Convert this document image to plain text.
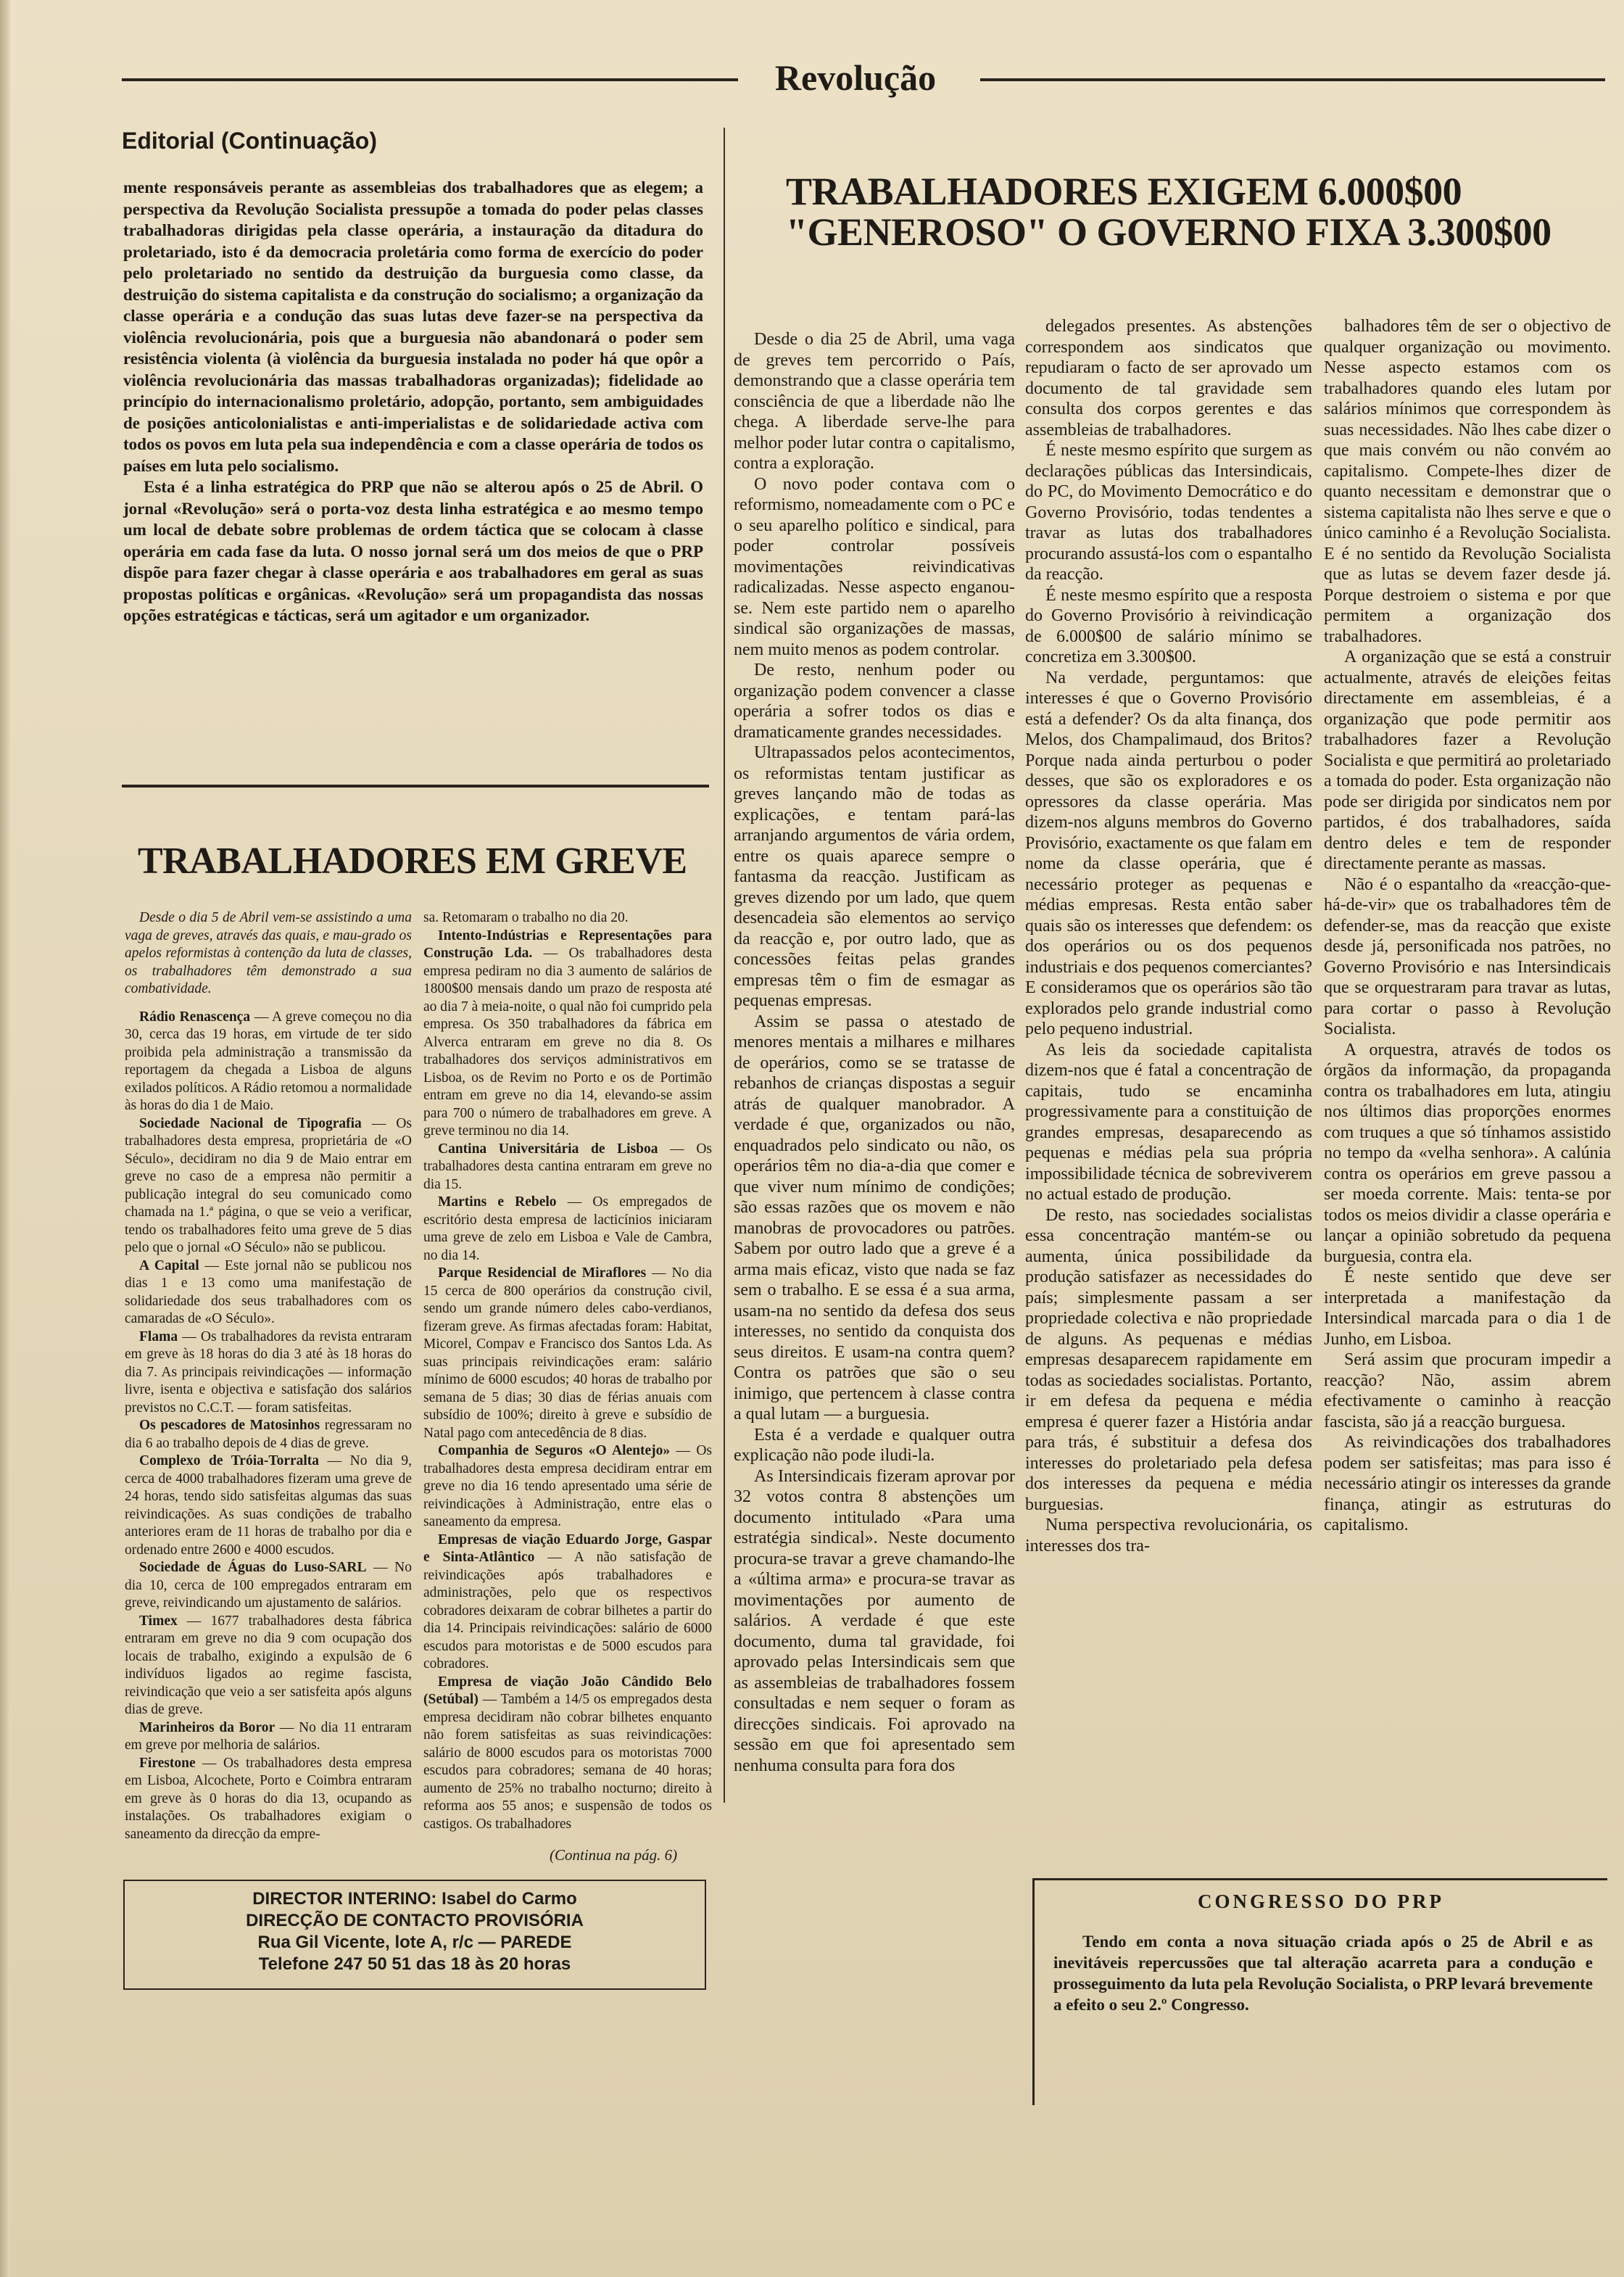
Revolução
Editorial (Continuação)

mente responsáveis perante as assembleias dos trabalhadores que as elegem; a perspectiva da Revolução Socialista pressupõe a tomada do poder pelas classes trabalhadoras dirigidas pela classe operária, a instauração da ditadura do proletariado, isto é da democracia proletária como forma de exercício do poder pelo proletariado no sentido da destruição da burguesia como classe, da destruição do sistema capitalista e da construção do socialismo; a organização da classe operária e a condução das suas lutas deve fazer-se na perspectiva da violência revolucionária, pois que a burguesia não abandonará o poder sem resistência violenta (à violência da burguesia instalada no poder há que opôr a violência revolucionária das massas trabalhadoras organizadas); fidelidade ao princípio do internacionalismo proletário, adopção, portanto, sem ambiguidades de posições anticolonialistas e anti-imperialistas e de solidariedade activa com todos os povos em luta pela sua independência e com a classe operária de todos os países em luta pelo socialismo.

Esta é a linha estratégica do PRP que não se alterou após o 25 de Abril. O jornal «Revolução» será o porta-voz desta linha estratégica e ao mesmo tempo um local de debate sobre problemas de ordem táctica que se colocam à classe operária em cada fase da luta. O nosso jornal será um dos meios de que o PRP dispõe para fazer chegar à classe operária e aos trabalhadores em geral as suas propostas políticas e orgânicas. «Revolução» será um propagandista das nossas opções estratégicas e tácticas, será um agitador e um organizador.

TRABALHADORES EXIGEM 6.000$00
"GENEROSO" O GOVERNO FIXA 3.300$00

Desde o dia 25 de Abril, uma vaga de greves tem percorrido o País, demonstrando que a classe operária tem consciência de que a liberdade não lhe chega. A liberdade serve-lhe para melhor poder lutar contra o capitalismo, contra a exploração.

O novo poder contava com o reformismo, nomeadamente com o PC e o seu aparelho político e sindical, para poder controlar possíveis movimentações reivindicativas radicalizadas. Nesse aspecto enganou-se. Nem este partido nem o aparelho sindical são organizações de massas, nem muito menos as podem controlar.

De resto, nenhum poder ou organização podem convencer a classe operária a sofrer todos os dias e dramaticamente grandes necessidades.

Ultrapassados pelos acontecimentos, os reformistas tentam justificar as greves lançando mão de todas as explicações, e tentam pará-las arranjando argumentos de vária ordem, entre os quais aparece sempre o fantasma da reacção. Justificam as greves dizendo por um lado, que quem desencadeia são elementos ao serviço da reacção e, por outro lado, que as concessões feitas pelas grandes empresas têm o fim de esmagar as pequenas empresas.

Assim se passa o atestado de menores mentais a milhares e milhares de operários, como se se tratasse de rebanhos de crianças dispostas a seguir atrás de qualquer manobrador. A verdade é que, organizados ou não, enquadrados pelo sindicato ou não, os operários têm no dia-a-dia que comer e que viver num mínimo de condições; são essas razões que os movem e não manobras de provocadores ou patrões. Sabem por outro lado que a greve é a arma mais eficaz, visto que nada se faz sem o trabalho. E se essa é a sua arma, usam-na no sentido da defesa dos seus interesses, no sentido da conquista dos seus direitos. E usam-na contra quem? Contra os patrões que são o seu inimigo, que pertencem à classe contra a qual lutam — a burguesia.

Esta é a verdade e qualquer outra explicação não pode iludi-la.

As Intersindicais fizeram aprovar por 32 votos contra 8 abstenções um documento intitulado «Para uma estratégia sindical». Neste documento procura-se travar a greve chamando-lhe a «última arma» e procura-se travar as movimentações por aumento de salários. A verdade é que este documento, duma tal gravidade, foi aprovado pelas Intersindicais sem que as assembleias de trabalhadores fossem consultadas e nem sequer o foram as direcções sindicais. Foi aprovado na sessão em que foi apresentado sem nenhuma consulta para fora dos

delegados presentes. As abstenções correspondem aos sindicatos que repudiaram o facto de ser aprovado um documento de tal gravidade sem consulta dos corpos gerentes e das assembleias de trabalhadores.

É neste mesmo espírito que surgem as declarações públicas das Intersindicais, do PC, do Movimento Democrático e do Governo Provisório, todas tendentes a travar as lutas dos trabalhadores procurando assustá-los com o espantalho da reacção.

É neste mesmo espírito que a resposta do Governo Provisório à reivindicação de 6.000$00 de salário mínimo se concretiza em 3.300$00.

Na verdade, perguntamos: que interesses é que o Governo Provisório está a defender? Os da alta finança, dos Melos, dos Champalimaud, dos Britos? Porque nada ainda perturbou o poder desses, que são os exploradores e os opressores da classe operária. Mas dizem-nos alguns membros do Governo Provisório, exactamente os que falam em nome da classe operária, que é necessário proteger as pequenas e médias empresas. Resta então saber quais são os interesses que defendem: os dos operários ou os dos pequenos industriais e dos pequenos comerciantes? E consideramos que os operários são tão explorados pelo grande industrial como pelo pequeno industrial.

As leis da sociedade capitalista dizem-nos que é fatal a concentração de capitais, tudo se encaminha progressivamente para a constituição de grandes empresas, desaparecendo as pequenas e médias pela sua própria impossibilidade técnica de sobreviverem no actual estado de produção.

De resto, nas sociedades socialistas essa concentração mantém-se ou aumenta, única possibilidade da produção satisfazer as necessidades do país; simplesmente passam a ser propriedade colectiva e não propriedade de alguns. As pequenas e médias empresas desaparecem rapidamente em todas as sociedades socialistas. Portanto, ir em defesa da pequena e média empresa é querer fazer a História andar para trás, é substituir a defesa dos interesses do proletariado pela defesa dos interesses da pequena e média burguesias.

Numa perspectiva revolucionária, os interesses dos tra-

balhadores têm de ser o objectivo de qualquer organização ou movimento. Nesse aspecto estamos com os trabalhadores quando eles lutam por salários mínimos que correspondem às suas necessidades. Não lhes cabe dizer o que mais convém ou não convém ao capitalismo. Compete-lhes dizer de quanto necessitam e demonstrar que o sistema capitalista não lhes serve e que o único caminho é a Revolução Socialista. E é no sentido da Revolução Socialista que as lutas se devem fazer desde já. Porque destroiem o sistema e por que permitem a organização dos trabalhadores.

A organização que se está a construir actualmente, através de eleições feitas directamente em assembleias, é a organização que pode permitir aos trabalhadores fazer a Revolução Socialista e que permitirá ao proletariado a tomada do poder. Esta organização não pode ser dirigida por sindicatos nem por partidos, é dos trabalhadores, saída dentro deles e tem de responder directamente perante as massas.

Não é o espantalho da «reacção-que-há-de-vir» que os trabalhadores têm de defender-se, mas da reacção que existe desde já, personificada nos patrões, no Governo Provisório e nas Intersindicais que se orquestraram para travar as lutas, para cortar o passo à Revolução Socialista.

A orquestra, através de todos os órgãos da informação, da propaganda contra os trabalhadores em luta, atingiu nos últimos dias proporções enormes com truques a que só tínhamos assistido no tempo da «velha senhora». A calúnia contra os operários em greve passou a ser moeda corrente. Mais: tenta-se por todos os meios dividir a classe operária e lançar a opinião sobretudo da pequena burguesia, contra ela.

É neste sentido que deve ser interpretada a manifestação da Intersindical marcada para o dia 1 de Junho, em Lisboa.

Será assim que procuram impedir a reacção? Não, assim abrem efectivamente o caminho à reacção fascista, são já a reacção burguesa.

As reivindicações dos trabalhadores podem ser satisfeitas; mas para isso é necessário atingir os interesses da grande finança, atingir as estruturas do capitalismo.

TRABALHADORES EM GREVE

Desde o dia 5 de Abril vem-se assistindo a uma vaga de greves, através das quais, e mau-grado os apelos reformistas à contenção da luta de classes, os trabalhadores têm demonstrado a sua combatividade.

Rádio Renascença — A greve começou no dia 30, cerca das 19 horas, em virtude de ter sido proibida pela administração a transmissão da reportagem da chegada a Lisboa de alguns exilados políticos. A Rádio retomou a normalidade às horas do dia 1 de Maio.

Sociedade Nacional de Tipografia — Os trabalhadores desta empresa, proprietária de «O Século», decidiram no dia 9 de Maio entrar em greve no caso de a empresa não permitir a publicação integral do seu comunicado como chamada na 1.ª página, o que se veio a verificar, tendo os trabalhadores feito uma greve de 5 dias pelo que o jornal «O Século» não se publicou.

A Capital — Este jornal não se publicou nos dias 1 e 13 como uma manifestação de solidariedade dos seus trabalhadores com os camaradas de «O Século».

Flama — Os trabalhadores da revista entraram em greve às 18 horas do dia 3 até às 18 horas do dia 7. As principais reivindicações — informação livre, isenta e objectiva e satisfação dos salários previstos no C.C.T. — foram satisfeitas.

Os pescadores de Matosinhos regressaram no dia 6 ao trabalho depois de 4 dias de greve.

Complexo de Tróia-Torralta — No dia 9, cerca de 4000 trabalhadores fizeram uma greve de 24 horas, tendo sido satisfeitas algumas das suas reivindicações. As suas condições de trabalho anteriores eram de 11 horas de trabalho por dia e ordenado entre 2600 e 4000 escudos.

Sociedade de Águas do Luso-SARL — No dia 10, cerca de 100 empregados entraram em greve, reivindicando um ajustamento de salários.

Timex — 1677 trabalhadores desta fábrica entraram em greve no dia 9 com ocupação dos locais de trabalho, exigindo a expulsão de 6 indivíduos ligados ao regime fascista, reivindicação que veio a ser satisfeita após alguns dias de greve.

Marinheiros da Boror — No dia 11 entraram em greve por melhoria de salários.

Firestone — Os trabalhadores desta empresa em Lisboa, Alcochete, Porto e Coimbra entraram em greve às 0 horas do dia 13, ocupando as instalações. Os trabalhadores exigiam o saneamento da direcção da empre-

sa. Retomaram o trabalho no dia 20.

Intento-Indústrias e Representações para Construção Lda. — Os trabalhadores desta empresa pediram no dia 3 aumento de salários de 1800$00 mensais dando um prazo de resposta até ao dia 7 à meia-noite, o qual não foi cumprido pela empresa. Os 350 trabalhadores da fábrica em Alverca entraram em greve no dia 8. Os trabalhadores dos serviços administrativos em Lisboa, os de Revim no Porto e os de Portimão entram em greve no dia 14, elevando-se assim para 700 o número de trabalhadores em greve. A greve terminou no dia 14.

Cantina Universitária de Lisboa — Os trabalhadores desta cantina entraram em greve no dia 15.

Martins e Rebelo — Os empregados de escritório desta empresa de lacticínios iniciaram uma greve de zelo em Lisboa e Vale de Cambra, no dia 14.

Parque Residencial de Miraflores — No dia 15 cerca de 800 operários da construção civil, sendo um grande número deles cabo-verdianos, fizeram greve. As firmas afectadas foram: Habitat, Micorel, Compav e Francisco dos Santos Lda. As suas principais reivindicações eram: salário mínimo de 6000 escudos; 40 horas de trabalho por semana de 5 dias; 30 dias de férias anuais com subsídio de 100%; direito à greve e subsídio de Natal pago com antecedência de 8 dias.

Companhia de Seguros «O Alentejo» — Os trabalhadores desta empresa decidiram entrar em greve no dia 16 tendo apresentado uma série de reivindicações à Administração, entre elas o saneamento da empresa.

Empresas de viação Eduardo Jorge, Gaspar e Sinta-Atlântico — A não satisfação de reivindicações após trabalhadores e administrações, pelo que os respectivos cobradores deixaram de cobrar bilhetes a partir do dia 14. Principais reivindicações: salário de 6000 escudos para motoristas e de 5000 escudos para cobradores.

Empresa de viação João Cândido Belo (Setúbal) — Também a 14/5 os empregados desta empresa decidiram não cobrar bilhetes enquanto não forem satisfeitas as suas reivindicações: salário de 8000 escudos para os motoristas 7000 escudos para cobradores; semana de 40 horas; aumento de 25% no trabalho nocturno; direito à reforma aos 55 anos; e suspensão de todos os castigos. Os trabalhadores

(Continua na pág. 6)
DIRECTOR INTERINO: Isabel do Carmo
DIRECÇÃO DE CONTACTO PROVISÓRIA
Rua Gil Vicente, lote A, r/c — PAREDE
Telefone 247 50 51 das 18 às 20 horas
CONGRESSO DO PRP
Tendo em conta a nova situação criada após o 25 de Abril e as inevitáveis repercussões que tal alteração acarreta para a condução e prosseguimento da luta pela Revolução Socialista, o PRP levará brevemente a efeito o seu 2.º Congresso.
